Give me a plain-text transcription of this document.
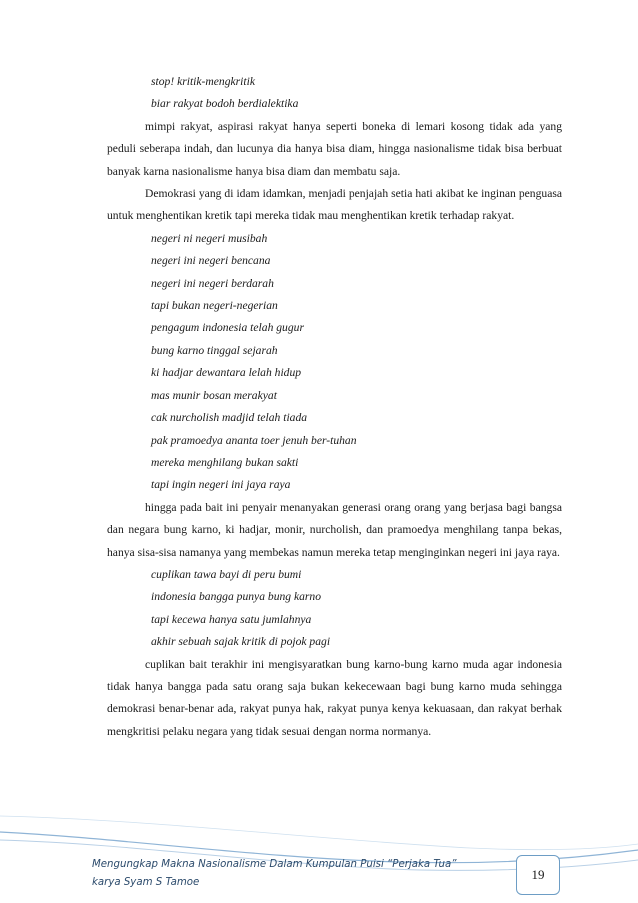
stop! kritik-mengkritik
biar rakyat bodoh berdialektika
mimpi rakyat, aspirasi rakyat hanya seperti boneka di lemari kosong tidak ada yang peduli seberapa indah, dan lucunya dia hanya bisa diam, hingga nasionalisme tidak bisa berbuat banyak karna nasionalisme hanya bisa diam dan membatu saja.
Demokrasi yang di idam idamkan, menjadi penjajah setia hati akibat ke inginan penguasa untuk menghentikan kretik tapi mereka tidak mau menghentikan kretik terhadap rakyat.
negeri ni negeri musibah
negeri ini negeri bencana
negeri ini negeri berdarah
tapi bukan negeri-negerian
pengagum indonesia telah gugur
bung karno tinggal sejarah
ki hadjar dewantara lelah hidup
mas munir bosan merakyat
cak nurcholish madjid telah tiada
pak pramoedya ananta toer jenuh ber-tuhan
mereka menghilang bukan sakti
tapi ingin negeri ini jaya raya
hingga pada bait ini penyair menanyakan generasi orang orang yang berjasa bagi bangsa dan negara bung karno, ki hadjar, monir, nurcholish, dan pramoedya menghilang tanpa bekas, hanya sisa-sisa namanya yang membekas namun mereka tetap menginginkan negeri ini jaya raya.
cuplikan tawa bayi di peru bumi
indonesia bangga punya bung karno
tapi kecewa hanya satu jumlahnya
akhir sebuah sajak kritik di pojok pagi
cuplikan bait terakhir ini mengisyaratkan bung karno-bung karno muda agar indonesia tidak hanya bangga pada satu orang saja bukan kekecewaan bagi bung karno muda sehingga demokrasi benar-benar ada, rakyat punya hak, rakyat punya kenya kekuasaan, dan rakyat berhak mengkritisi pelaku negara yang tidak sesuai dengan norma normanya.
Mengungkap Makna Nasionalisme Dalam Kumpulan Puisi “Perjaka Tua”
karya Syam S Tamoe
19
